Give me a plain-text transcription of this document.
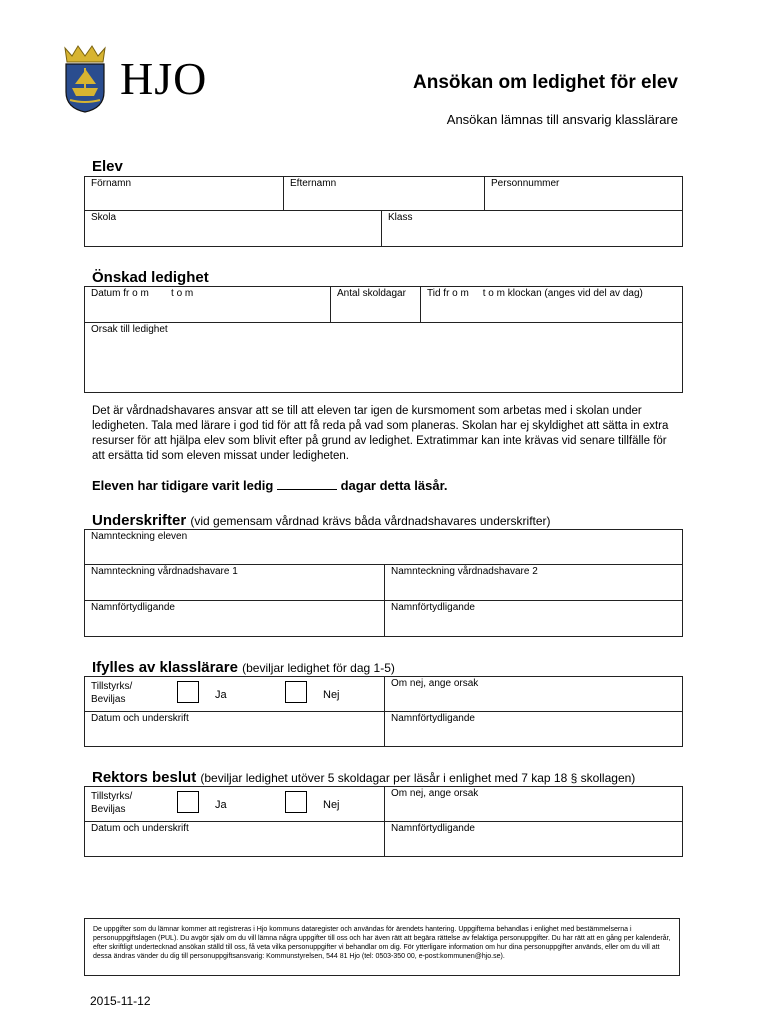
HJO	Ansökan om ledighet för elev
Ansökan lämnas till ansvarig klasslärare
Elev
Förnamn	Efternamn		Personnummer
Skola		Klass	
Önskad ledighet
Datum fr o m        t o m	Antal skoldagar	Tid fr o m     t o m klockan (anges vid del av dag)
Orsak till ledighet
Det är vårdnadshavares ansvar att se till att eleven tar igen de kursmoment som arbetas med i skolan under ledigheten. Tala med lärare i god tid för att få reda på vad som planeras. Skolan har ej skyldighet att sätta in extra resurser för att hjälpa elev som blivit efter på grund av ledighet. Extratimmar kan inte krävas vid senare tillfälle för att ersätta tid som eleven missat under ledigheten.
Eleven har tidigare varit ledig	dagar detta läsår.
Underskrifter (vid gemensam vårdnad krävs båda vårdnadshavares underskrifter)
Namnteckning eleven	
Namnteckning vårdnadshavare 1	Namnteckning vårdnadshavare 2
Namnförtydligande	Namnförtydligande
Ifylles av klasslärare (beviljar ledighet för dag 1-5)
Tillstyrks/
Beviljas Ja Nej	Om nej, ange orsak
Datum och underskrift	Namnförtydligande
Rektors beslut (beviljar ledighet utöver 5 skoldagar per läsår i enlighet med 7 kap 18 § skollagen)
Tillstyrks/
Beviljas Ja Nej	Om nej, ange orsak
Datum och underskrift	Namnförtydligande
De uppgifter som du lämnar kommer att registreras i Hjo kommuns dataregister och användas för ärendets hantering. Uppgifterna behandlas i enlighet med bestämmelserna i personuppgiftslagen (PUL). Du avgör själv om du vill lämna några uppgifter till oss och har även rätt att begära rättelse av felaktiga personuppgifter. Du har rätt att en gång per kalenderår, efter skriftligt undertecknad ansökan ställd till oss, få veta vilka personuppgifter vi behandlar om dig. För ytterligare information om hur dina personuppgifter används, eller om du vill att dessa ändras vänder du dig till personuppgiftsansvarig: Kommunstyrelsen, 544 81 Hjo (tel: 0503-350 00, e-post:kommunen@hjo.se).
2015-11-12
